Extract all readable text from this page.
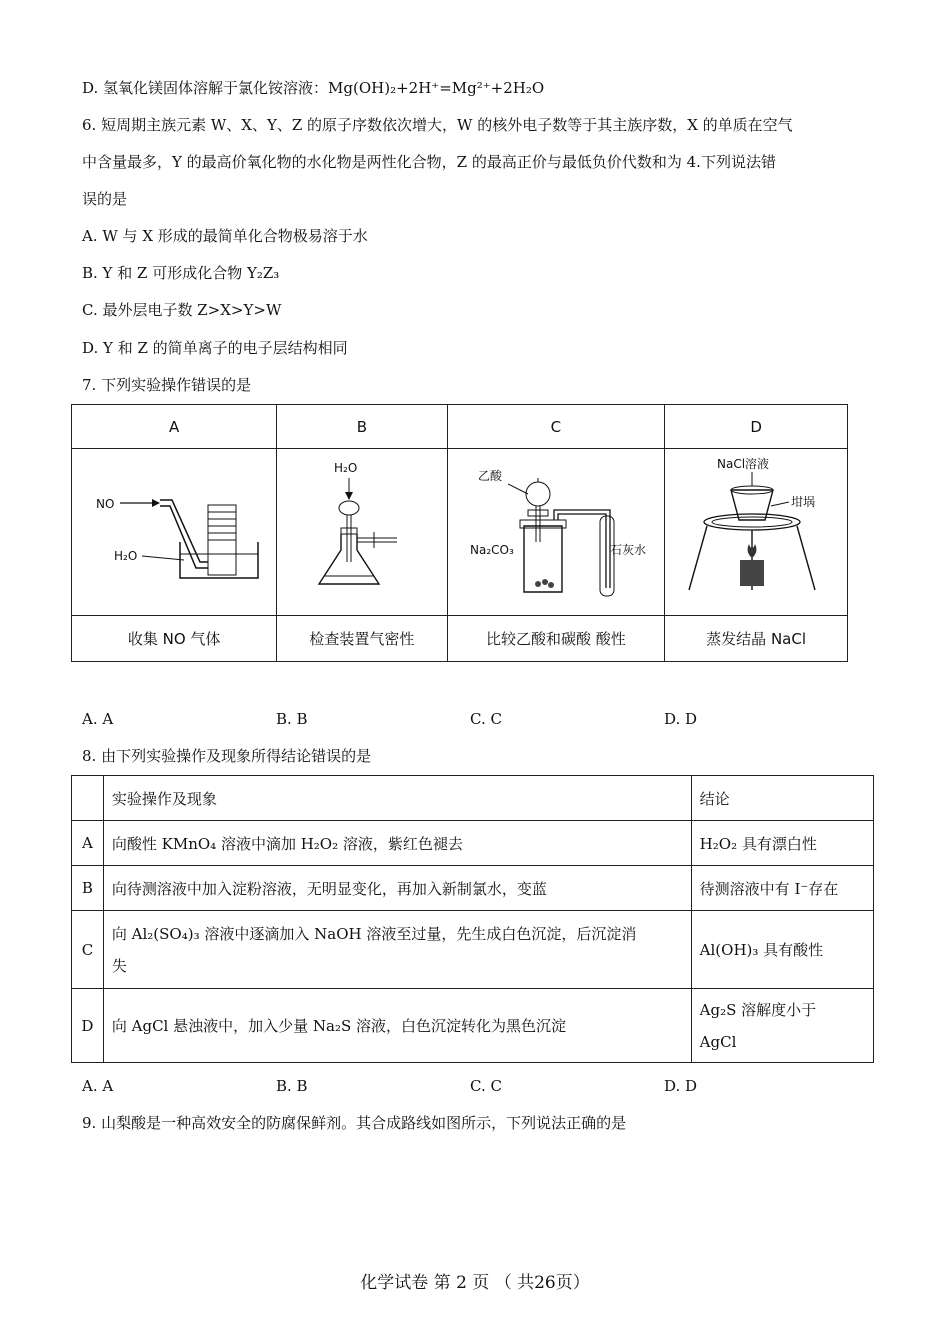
D. 氢氧化镁固体溶解于氯化铵溶液：Mg(OH)₂+2H⁺=Mg²⁺+2H₂O
6. 短周期主族元素 W、X、Y、Z 的原子序数依次增大，W 的核外电子数等于其主族序数，X 的单质在空气
中含量最多，Y 的最高价氧化物的水化物是两性化合物，Z 的最高正价与最低负价代数和为 4.下列说法错
误的是
A. W 与 X 形成的最简单化合物极易溶于水
B. Y 和 Z 可形成化合物 Y₂Z₃
C. 最外层电子数 Z>X>Y>W
D. Y 和 Z 的简单离子的电子层结构相同
7. 下列实验操作错误的是
A	B	C	D

NO
H₂O	H₂O	乙酸
Na₂CO₃ 石灰水	NaCl溶液
坩埚

收集 NO 气体	检查装置气密性	比较乙酸和碳酸 酸性	蒸发结晶 NaCl
A. A	B. B	C. C	D. D
8. 由下列实验操作及现象所得结论错误的是
	实验操作及现象	结论
A	向酸性 KMnO₄ 溶液中滴加 H₂O₂ 溶液，紫红色褪去	H₂O₂ 具有漂白性
B	向待测溶液中加入淀粉溶液，无明显变化，再加入新制氯水，变蓝	待测溶液中有 I⁻存在
C	向 Al₂(SO₄)₃ 溶液中逐滴加入 NaOH 溶液至过量，先生成白色沉淀，后沉淀消
失	Al(OH)₃ 具有酸性
D	向 AgCl 悬浊液中，加入少量 Na₂S 溶液，白色沉淀转化为黑色沉淀	Ag₂S 溶解度小于
AgCl
A. A	B. B	C. C	D. D
9. 山梨酸是一种高效安全的防腐保鲜剂。其合成路线如图所示，下列说法正确的是
化学试卷 第 2 页 （ 共26页）
